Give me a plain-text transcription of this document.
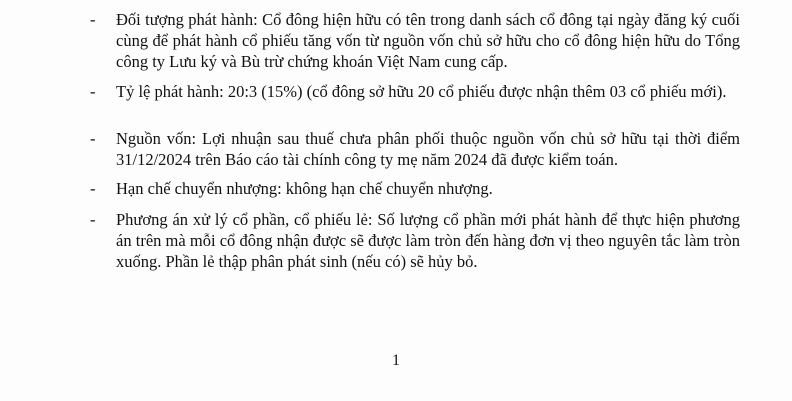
-	Đối tượng phát hành: Cổ đông hiện hữu có tên trong danh sách cổ đông tại ngày đăng ký cuối cùng để phát hành cổ phiếu tăng vốn từ nguồn vốn chủ sở hữu cho cổ đông hiện hữu do Tổng công ty Lưu ký và Bù trừ chứng khoán Việt Nam cung cấp.
-	Tỷ lệ phát hành: 20:3 (15%) (cổ đông sở hữu 20 cổ phiếu được nhận thêm 03 cổ phiếu mới).
-	Nguồn vốn: Lợi nhuận sau thuế chưa phân phối thuộc nguồn vốn chủ sở hữu tại thời điểm 31/12/2024 trên Báo cáo tài chính công ty mẹ năm 2024 đã được kiểm toán.
-	Hạn chế chuyển nhượng: không hạn chế chuyển nhượng.
-	Phương án xử lý cổ phần, cổ phiếu lẻ: Số lượng cổ phần mới phát hành để thực hiện phương án trên mà mỗi cổ đông nhận được sẽ được làm tròn đến hàng đơn vị theo nguyên tắc làm tròn xuống. Phần lẻ thập phân phát sinh (nếu có) sẽ hủy bỏ.
1
